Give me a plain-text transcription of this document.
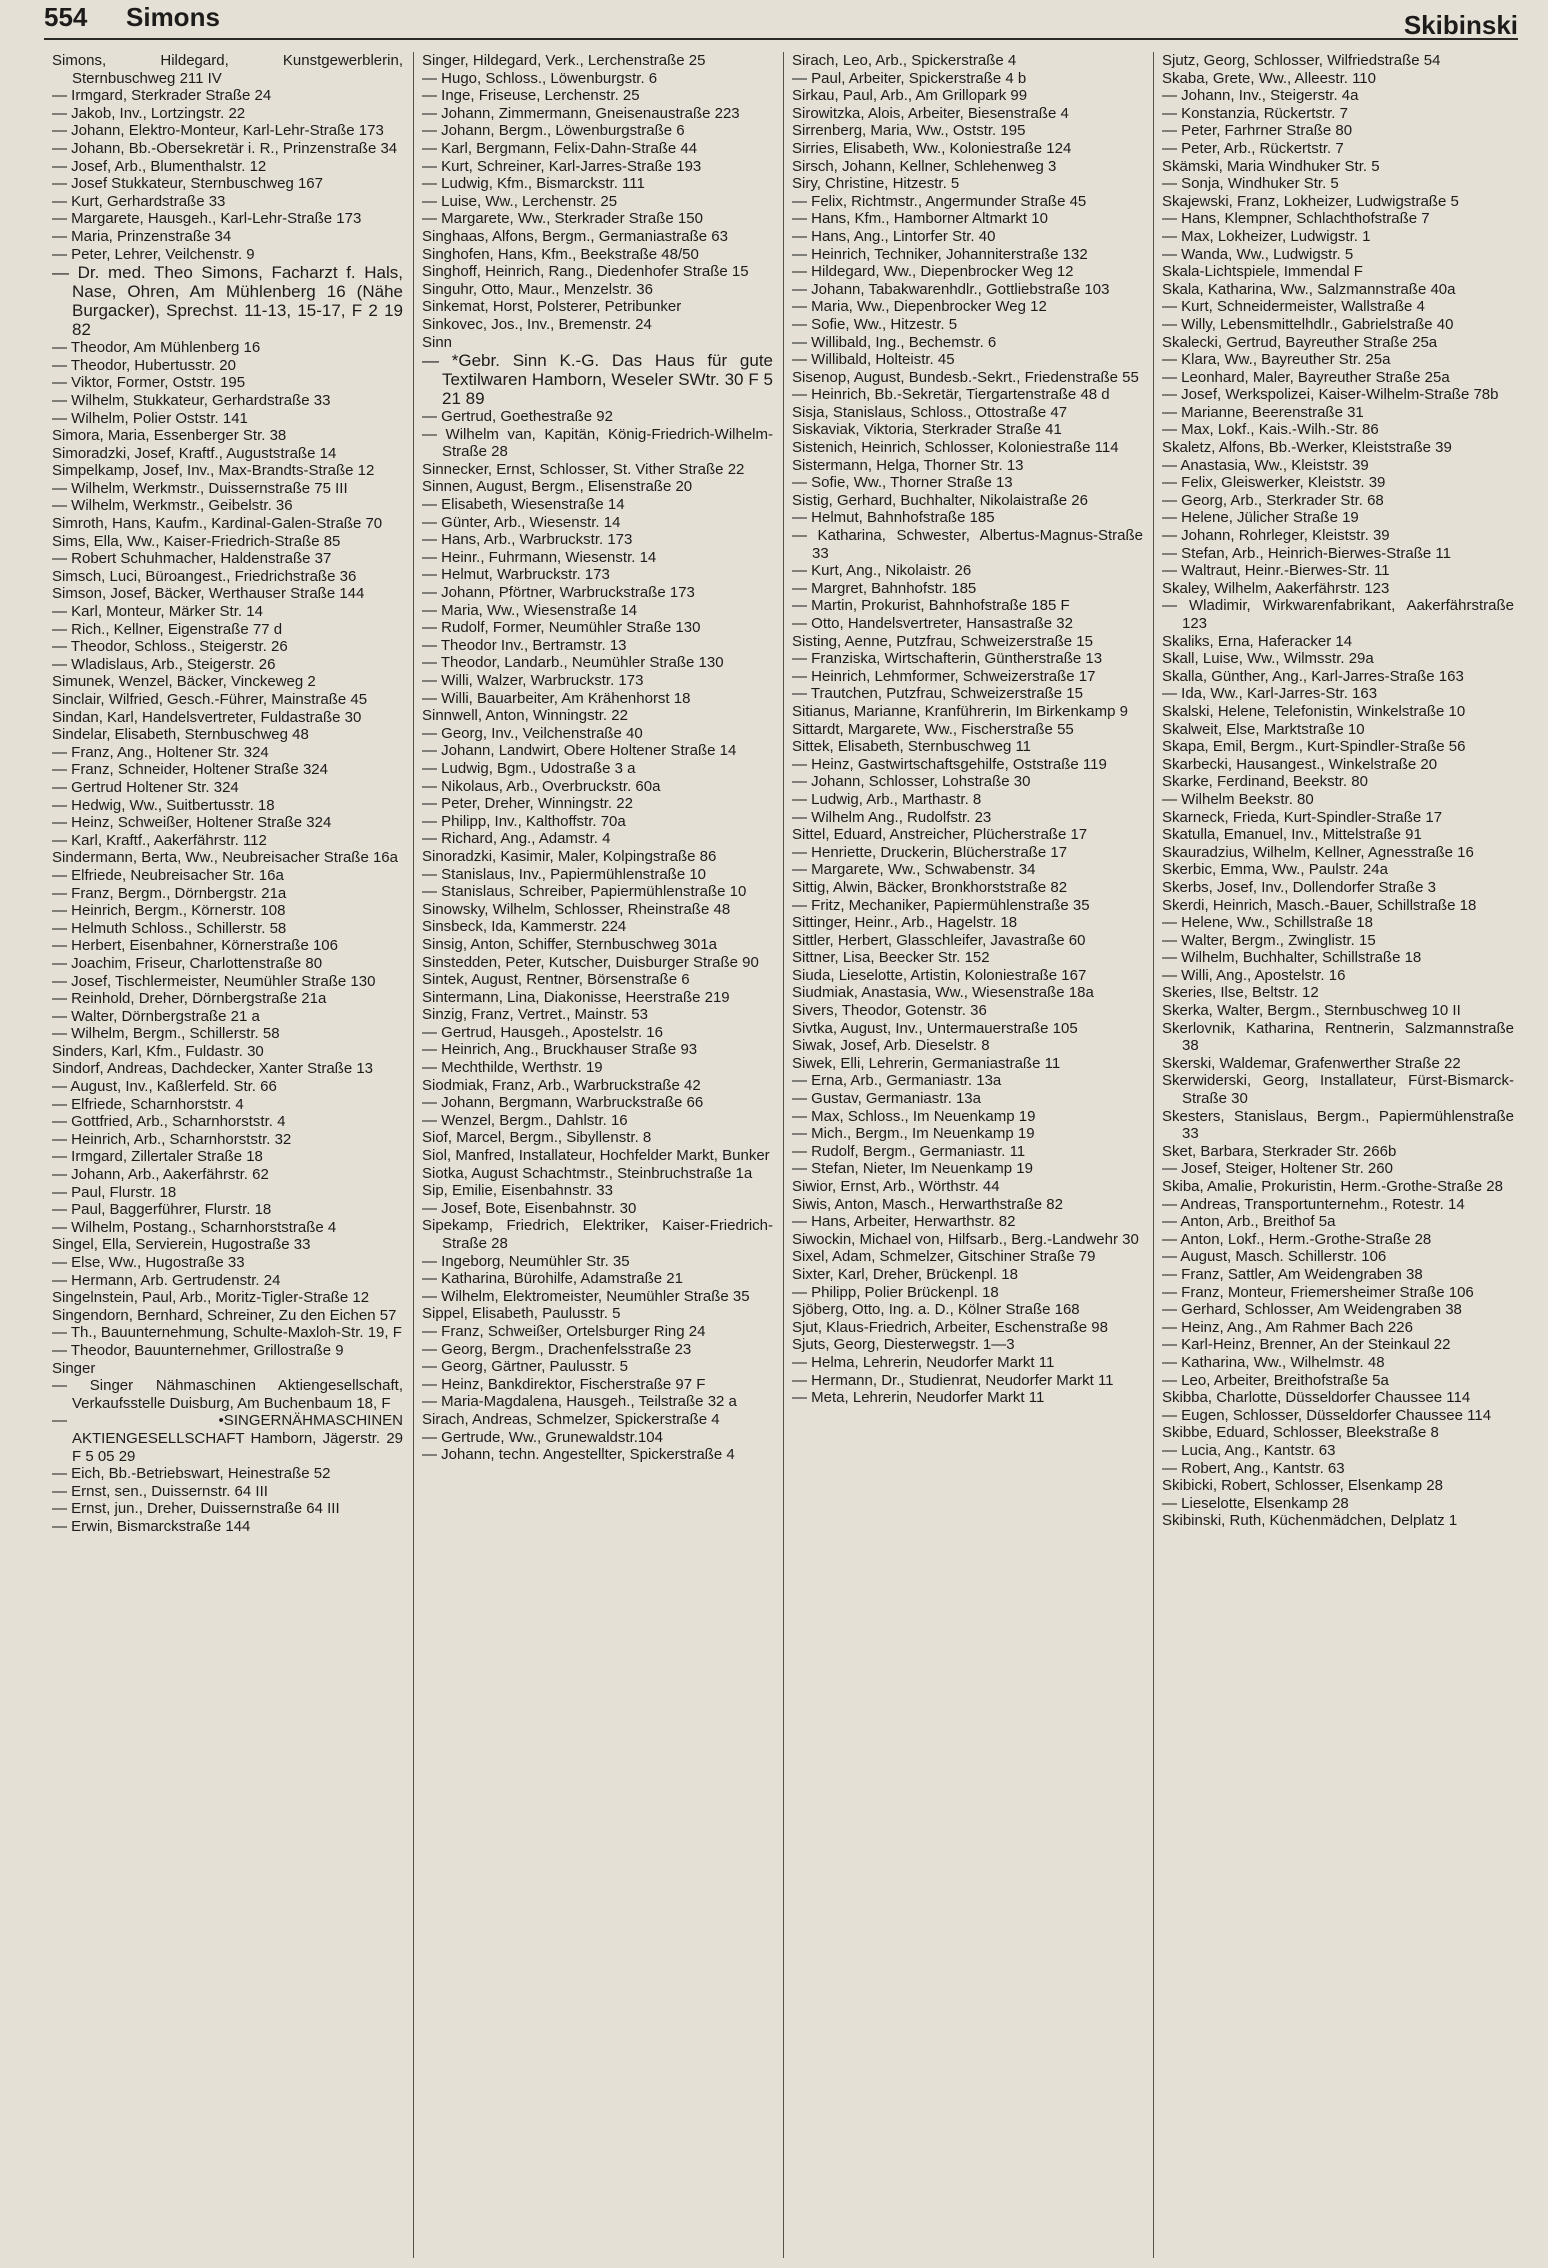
554 Simons	Skibinski
Simons, Hildegard, Kunstgewerblerin, Sternbuschweg 211 IV
— Irmgard, Sterkrader Straße 24
— Jakob, Inv., Lortzingstr. 22
— Johann, Elektro-Monteur, Karl-Lehr-Straße 173
— Johann, Bb.-Obersekretär i. R., Prinzenstraße 34
— Josef, Arb., Blumenthalstr. 12
— Josef Stukkateur, Sternbuschweg 167
— Kurt, Gerhardstraße 33
— Margarete, Hausgeh., Karl-Lehr-Straße 173
— Maria, Prinzenstraße 34
— Peter, Lehrer, Veilchenstr. 9
— Dr. med. Theo Simons, Facharzt f. Hals, Nase, Ohren, Am Mühlenberg 16 (Nähe Burgacker), Sprechst. 11-13, 15-17, F 2 19 82
— Theodor, Am Mühlenberg 16
— Theodor, Hubertusstr. 20
— Viktor, Former, Oststr. 195
— Wilhelm, Stukkateur, Gerhardstraße 33
— Wilhelm, Polier Oststr. 141
Simora, Maria, Essenberger Str. 38
Simoradzki, Josef, Kraftf., Auguststraße 14
Simpelkamp, Josef, Inv., Max-Brandts-Straße 12
— Wilhelm, Werkmstr., Duissernstraße 75 III
— Wilhelm, Werkmstr., Geibelstr. 36
Simroth, Hans, Kaufm., Kardinal-Galen-Straße 70
Sims, Ella, Ww., Kaiser-Friedrich-Straße 85
— Robert Schuhmacher, Haldenstraße 37
Simsch, Luci, Büroangest., Friedrichstraße 36
Simson, Josef, Bäcker, Werthauser Straße 144
— Karl, Monteur, Märker Str. 14
— Rich., Kellner, Eigenstraße 77 d
— Theodor, Schloss., Steigerstr. 26
— Wladislaus, Arb., Steigerstr. 26
Simunek, Wenzel, Bäcker, Vinckeweg 2
Sinclair, Wilfried, Gesch.-Führer, Mainstraße 45
Sindan, Karl, Handelsvertreter, Fuldastraße 30
Sindelar, Elisabeth, Sternbuschweg 48
— Franz, Ang., Holtener Str. 324
— Franz, Schneider, Holtener Straße 324
— Gertrud Holtener Str. 324
— Hedwig, Ww., Suitbertusstr. 18
— Heinz, Schweißer, Holtener Straße 324
— Karl, Kraftf., Aakerfährstr. 112
Sindermann, Berta, Ww., Neubreisacher Straße 16a
— Elfriede, Neubreisacher Str. 16a
— Franz, Bergm., Dörnbergstr. 21a
— Heinrich, Bergm., Körnerstr. 108
— Helmuth Schloss., Schillerstr. 58
— Herbert, Eisenbahner, Körnerstraße 106
— Joachim, Friseur, Charlottenstraße 80
— Josef, Tischlermeister, Neumühler Straße 130
— Reinhold, Dreher, Dörnbergstraße 21a
— Walter, Dörnbergstraße 21 a
— Wilhelm, Bergm., Schillerstr. 58
Sinders, Karl, Kfm., Fuldastr. 30
Sindorf, Andreas, Dachdecker, Xanter Straße 13
— August, Inv., Kaßlerfeld. Str. 66
— Elfriede, Scharnhorststr. 4
— Gottfried, Arb., Scharnhorststr. 4
— Heinrich, Arb., Scharnhorststr. 32
— Irmgard, Zillertaler Straße 18
— Johann, Arb., Aakerfährstr. 62
— Paul, Flurstr. 18
— Paul, Baggerführer, Flurstr. 18
— Wilhelm, Postang., Scharnhorststraße 4
Singel, Ella, Servierein, Hugostraße 33
— Else, Ww., Hugostraße 33
— Hermann, Arb. Gertrudenstr. 24
Singelnstein, Paul, Arb., Moritz-Tigler-Straße 12
Singendorn, Bernhard, Schreiner, Zu den Eichen 57
— Th., Bauunternehmung, Schulte-Maxloh-Str. 19, F
— Theodor, Bauunternehmer, Grillostraße 9
Singer
— Singer Nähmaschinen Aktiengesellschaft, Verkaufsstelle Duisburg, Am Buchenbaum 18, F
— •SINGERNÄHMASCHINEN AKTIENGESELLSCHAFT Hamborn, Jägerstr. 29 F 5 05 29
— Eich, Bb.-Betriebswart, Heinestraße 52
— Ernst, sen., Duissernstr. 64 III
— Ernst, jun., Dreher, Duissernstraße 64 III
— Erwin, Bismarckstraße 144
Singer, Hildegard, Verk., Lerchenstraße 25
— Hugo, Schloss., Löwenburgstr. 6
— Inge, Friseuse, Lerchenstr. 25
— Johann, Zimmermann, Gneisenaustraße 223
— Johann, Bergm., Löwenburgstraße 6
— Karl, Bergmann, Felix-Dahn-Straße 44
— Kurt, Schreiner, Karl-Jarres-Straße 193
— Ludwig, Kfm., Bismarckstr. 111
— Luise, Ww., Lerchenstr. 25
— Margarete, Ww., Sterkrader Straße 150
Singhaas, Alfons, Bergm., Germaniastraße 63
Singhofen, Hans, Kfm., Beekstraße 48/50
Singhoff, Heinrich, Rang., Diedenhofer Straße 15
Singuhr, Otto, Maur., Menzelstr. 36
Sinkemat, Horst, Polsterer, Petribunker
Sinkovec, Jos., Inv., Bremenstr. 24
Sinn
— *Gebr. Sinn K.-G. Das Haus für gute Textilwaren Hamborn, Weseler SWtr. 30 F 5 21 89
— Gertrud, Goethestraße 92
— Wilhelm van, Kapitän, König-Friedrich-Wilhelm-Straße 28
Sinnecker, Ernst, Schlosser, St. Vither Straße 22
Sinnen, August, Bergm., Elisenstraße 20
— Elisabeth, Wiesenstraße 14
— Günter, Arb., Wiesenstr. 14
— Hans, Arb., Warbruckstr. 173
— Heinr., Fuhrmann, Wiesenstr. 14
— Helmut, Warbruckstr. 173
— Johann, Pförtner, Warbruckstraße 173
— Maria, Ww., Wiesenstraße 14
— Rudolf, Former, Neumühler Straße 130
— Theodor Inv., Bertramstr. 13
— Theodor, Landarb., Neumühler Straße 130
— Willi, Walzer, Warbruckstr. 173
— Willi, Bauarbeiter, Am Krähenhorst 18
Sinnwell, Anton, Winningstr. 22
— Georg, Inv., Veilchenstraße 40
— Johann, Landwirt, Obere Holtener Straße 14
— Ludwig, Bgm., Udostraße 3 a
— Nikolaus, Arb., Overbruckstr. 60a
— Peter, Dreher, Winningstr. 22
— Philipp, Inv., Kalthoffstr. 70a
— Richard, Ang., Adamstr. 4
Sinoradzki, Kasimir, Maler, Kolpingstraße 86
— Stanislaus, Inv., Papiermühlenstraße 10
— Stanislaus, Schreiber, Papiermühlenstraße 10
Sinowsky, Wilhelm, Schlosser, Rheinstraße 48
Sinsbeck, Ida, Kammerstr. 224
Sinsig, Anton, Schiffer, Sternbuschweg 301a
Sinstedden, Peter, Kutscher, Duisburger Straße 90
Sintek, August, Rentner, Börsenstraße 6
Sintermann, Lina, Diakonisse, Heerstraße 219
Sinzig, Franz, Vertret., Mainstr. 53
— Gertrud, Hausgeh., Apostelstr. 16
— Heinrich, Ang., Bruckhauser Straße 93
— Mechthilde, Werthstr. 19
Siodmiak, Franz, Arb., Warbruckstraße 42
— Johann, Bergmann, Warbruckstraße 66
— Wenzel, Bergm., Dahlstr. 16
Siof, Marcel, Bergm., Sibyllenstr. 8
Siol, Manfred, Installateur, Hochfelder Markt, Bunker
Siotka, August Schachtmstr., Steinbruchstraße 1a
Sip, Emilie, Eisenbahnstr. 33
— Josef, Bote, Eisenbahnstr. 30
Sipekamp, Friedrich, Elektriker, Kaiser-Friedrich-Straße 28
— Ingeborg, Neumühler Str. 35
— Katharina, Bürohilfe, Adamstraße 21
— Wilhelm, Elektromeister, Neumühler Straße 35
Sippel, Elisabeth, Paulusstr. 5
— Franz, Schweißer, Ortelsburger Ring 24
— Georg, Bergm., Drachenfelsstraße 23
— Georg, Gärtner, Paulusstr. 5
— Heinz, Bankdirektor, Fischerstraße 97 F
— Maria-Magdalena, Hausgeh., Teilstraße 32 a
Sirach, Andreas, Schmelzer, Spickerstraße 4
— Gertrude, Ww., Grunewaldstr.104
— Johann, techn. Angestellter, Spickerstraße 4
Sirach, Leo, Arb., Spickerstraße 4
— Paul, Arbeiter, Spickerstraße 4 b
Sirkau, Paul, Arb., Am Grillopark 99
Sirowitzka, Alois, Arbeiter, Biesenstraße 4
Sirrenberg, Maria, Ww., Oststr. 195
Sirries, Elisabeth, Ww., Koloniestraße 124
Sirsch, Johann, Kellner, Schlehenweg 3
Siry, Christine, Hitzestr. 5
— Felix, Richtmstr., Angermunder Straße 45
— Hans, Kfm., Hamborner Altmarkt 10
— Hans, Ang., Lintorfer Str. 40
— Heinrich, Techniker, Johanniterstraße 132
— Hildegard, Ww., Diepenbrocker Weg 12
— Johann, Tabakwarenhdlr., Gottliebstraße 103
— Maria, Ww., Diepenbrocker Weg 12
— Sofie, Ww., Hitzestr. 5
— Willibald, Ing., Bechemstr. 6
— Willibald, Holteistr. 45
Sisenop, August, Bundesb.-Sekrt., Friedenstraße 55
— Heinrich, Bb.-Sekretär, Tiergartenstraße 48 d
Sisja, Stanislaus, Schloss., Ottostraße 47
Siskaviak, Viktoria, Sterkrader Straße 41
Sistenich, Heinrich, Schlosser, Koloniestraße 114
Sistermann, Helga, Thorner Str. 13
— Sofie, Ww., Thorner Straße 13
Sistig, Gerhard, Buchhalter, Nikolaistraße 26
— Helmut, Bahnhofstraße 185
— Katharina, Schwester, Albertus-Magnus-Straße 33
— Kurt, Ang., Nikolaistr. 26
— Margret, Bahnhofstr. 185
— Martin, Prokurist, Bahnhofstraße 185 F
— Otto, Handelsvertreter, Hansastraße 32
Sisting, Aenne, Putzfrau, Schweizerstraße 15
— Franziska, Wirtschafterin, Güntherstraße 13
— Heinrich, Lehmformer, Schweizerstraße 17
— Trautchen, Putzfrau, Schweizerstraße 15
Sitianus, Marianne, Kranführerin, Im Birkenkamp 9
Sittardt, Margarete, Ww., Fischerstraße 55
Sittek, Elisabeth, Sternbuschweg 11
— Heinz, Gastwirtschaftsgehilfe, Oststraße 119
— Johann, Schlosser, Lohstraße 30
— Ludwig, Arb., Marthastr. 8
— Wilhelm Ang., Rudolfstr. 23
Sittel, Eduard, Anstreicher, Plücherstraße 17
— Henriette, Druckerin, Blücherstraße 17
— Margarete, Ww., Schwabenstr. 34
Sittig, Alwin, Bäcker, Bronkhorststraße 82
— Fritz, Mechaniker, Papiermühlenstraße 35
Sittinger, Heinr., Arb., Hagelstr. 18
Sittler, Herbert, Glasschleifer, Javastraße 60
Sittner, Lisa, Beecker Str. 152
Siuda, Lieselotte, Artistin, Koloniestraße 167
Siudmiak, Anastasia, Ww., Wiesenstraße 18a
Sivers, Theodor, Gotenstr. 36
Sivtka, August, Inv., Untermauerstraße 105
Siwak, Josef, Arb. Dieselstr. 8
Siwek, Elli, Lehrerin, Germaniastraße 11
— Erna, Arb., Germaniastr. 13a
— Gustav, Germaniastr. 13a
— Max, Schloss., Im Neuenkamp 19
— Mich., Bergm., Im Neuenkamp 19
— Rudolf, Bergm., Germaniastr. 11
— Stefan, Nieter, Im Neuenkamp 19
Siwior, Ernst, Arb., Wörthstr. 44
Siwis, Anton, Masch., Herwarthstraße 82
— Hans, Arbeiter, Herwarthstr. 82
Siwockin, Michael von, Hilfsarb., Berg.-Landwehr 30
Sixel, Adam, Schmelzer, Gitschiner Straße 79
Sixter, Karl, Dreher, Brückenpl. 18
— Philipp, Polier Brückenpl. 18
Sjöberg, Otto, Ing. a. D., Kölner Straße 168
Sjut, Klaus-Friedrich, Arbeiter, Eschenstraße 98
Sjuts, Georg, Diesterwegstr. 1—3
— Helma, Lehrerin, Neudorfer Markt 11
— Hermann, Dr., Studienrat, Neudorfer Markt 11
— Meta, Lehrerin, Neudorfer Markt 11
Sjutz, Georg, Schlosser, Wilfriedstraße 54
Skaba, Grete, Ww., Alleestr. 110
— Johann, Inv., Steigerstr. 4a
— Konstanzia, Rückertstr. 7
— Peter, Farhrner Straße 80
— Peter, Arb., Rückertstr. 7
Skämski, Maria Windhuker Str. 5
— Sonja, Windhuker Str. 5
Skajewski, Franz, Lokheizer, Ludwigstraße 5
— Hans, Klempner, Schlachthofstraße 7
— Max, Lokheizer, Ludwigstr. 1
— Wanda, Ww., Ludwigstr. 5
Skala-Lichtspiele, Immendal F
Skala, Katharina, Ww., Salzmannstraße 40a
— Kurt, Schneidermeister, Wallstraße 4
— Willy, Lebensmittelhdlr., Gabrielstraße 40
Skalecki, Gertrud, Bayreuther Straße 25a
— Klara, Ww., Bayreuther Str. 25a
— Leonhard, Maler, Bayreuther Straße 25a
— Josef, Werkspolizei, Kaiser-Wilhelm-Straße 78b
— Marianne, Beerenstraße 31
— Max, Lokf., Kais.-Wilh.-Str. 86
Skaletz, Alfons, Bb.-Werker, Kleiststraße 39
— Anastasia, Ww., Kleiststr. 39
— Felix, Gleiswerker, Kleiststr. 39
— Georg, Arb., Sterkrader Str. 68
— Helene, Jülicher Straße 19
— Johann, Rohrleger, Kleiststr. 39
— Stefan, Arb., Heinrich-Bierwes-Straße 11
— Waltraut, Heinr.-Bierwes-Str. 11
Skaley, Wilhelm, Aakerfährstr. 123
— Wladimir, Wirkwarenfabrikant, Aakerfährstraße 123
Skaliks, Erna, Haferacker 14
Skall, Luise, Ww., Wilmsstr. 29a
Skalla, Günther, Ang., Karl-Jarres-Straße 163
— Ida, Ww., Karl-Jarres-Str. 163
Skalski, Helene, Telefonistin, Winkelstraße 10
Skalweit, Else, Marktstraße 10
Skapa, Emil, Bergm., Kurt-Spindler-Straße 56
Skarbecki, Hausangest., Winkelstraße 20
Skarke, Ferdinand, Beekstr. 80
— Wilhelm Beekstr. 80
Skarneck, Frieda, Kurt-Spindler-Straße 17
Skatulla, Emanuel, Inv., Mittelstraße 91
Skauradzius, Wilhelm, Kellner, Agnesstraße 16
Skerbic, Emma, Ww., Paulstr. 24a
Skerbs, Josef, Inv., Dollendorfer Straße 3
Skerdi, Heinrich, Masch.-Bauer, Schillstraße 18
— Helene, Ww., Schillstraße 18
— Walter, Bergm., Zwinglistr. 15
— Wilhelm, Buchhalter, Schillstraße 18
— Willi, Ang., Apostelstr. 16
Skeries, Ilse, Beltstr. 12
Skerka, Walter, Bergm., Sternbuschweg 10 II
Skerlovnik, Katharina, Rentnerin, Salzmannstraße 38
Skerski, Waldemar, Grafenwerther Straße 22
Skerwiderski, Georg, Installateur, Fürst-Bismarck-Straße 30
Skesters, Stanislaus, Bergm., Papiermühlenstraße 33
Sket, Barbara, Sterkrader Str. 266b
— Josef, Steiger, Holtener Str. 260
Skiba, Amalie, Prokuristin, Herm.-Grothe-Straße 28
— Andreas, Transportunternehm., Rotestr. 14
— Anton, Arb., Breithof 5a
— Anton, Lokf., Herm.-Grothe-Straße 28
— August, Masch. Schillerstr. 106
— Franz, Sattler, Am Weidengraben 38
— Franz, Monteur, Friemersheimer Straße 106
— Gerhard, Schlosser, Am Weidengraben 38
— Heinz, Ang., Am Rahmer Bach 226
— Karl-Heinz, Brenner, An der Steinkaul 22
— Katharina, Ww., Wilhelmstr. 48
— Leo, Arbeiter, Breithofstraße 5a
Skibba, Charlotte, Düsseldorfer Chaussee 114
— Eugen, Schlosser, Düsseldorfer Chaussee 114
Skibbe, Eduard, Schlosser, Bleekstraße 8
— Lucia, Ang., Kantstr. 63
— Robert, Ang., Kantstr. 63
Skibicki, Robert, Schlosser, Elsenkamp 28
— Lieselotte, Elsenkamp 28
Skibinski, Ruth, Küchenmädchen, Delplatz 1
